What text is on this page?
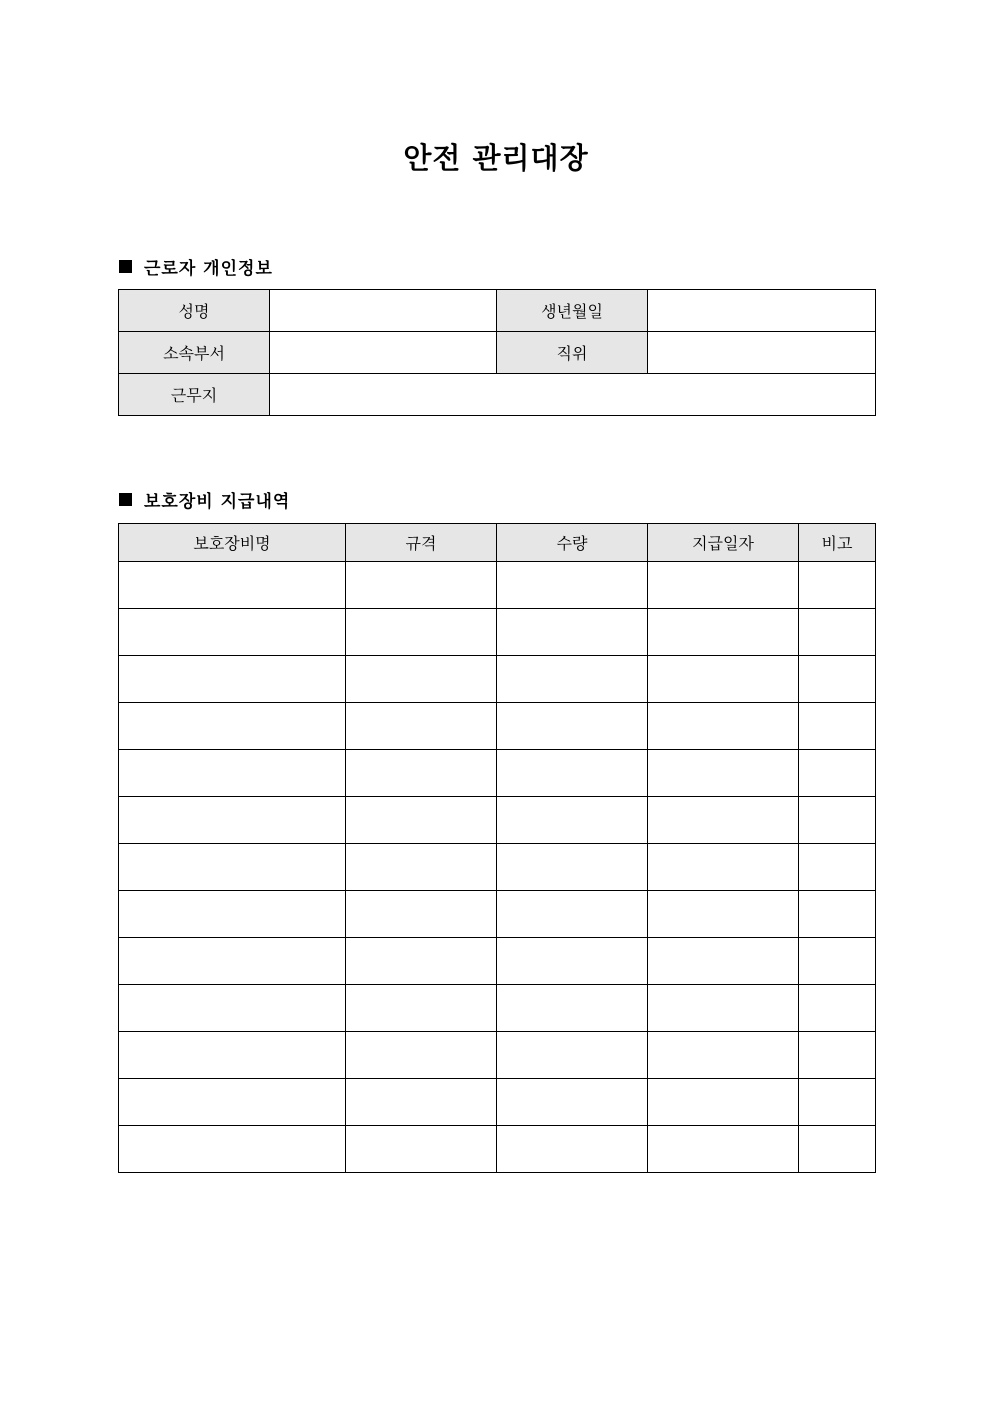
안전 관리대장
근로자 개인정보
성명		생년월일	
소속부서		직위	
근무지			
보호장비 지급내역
보호장비명	규격	수량	지급일자	비고
